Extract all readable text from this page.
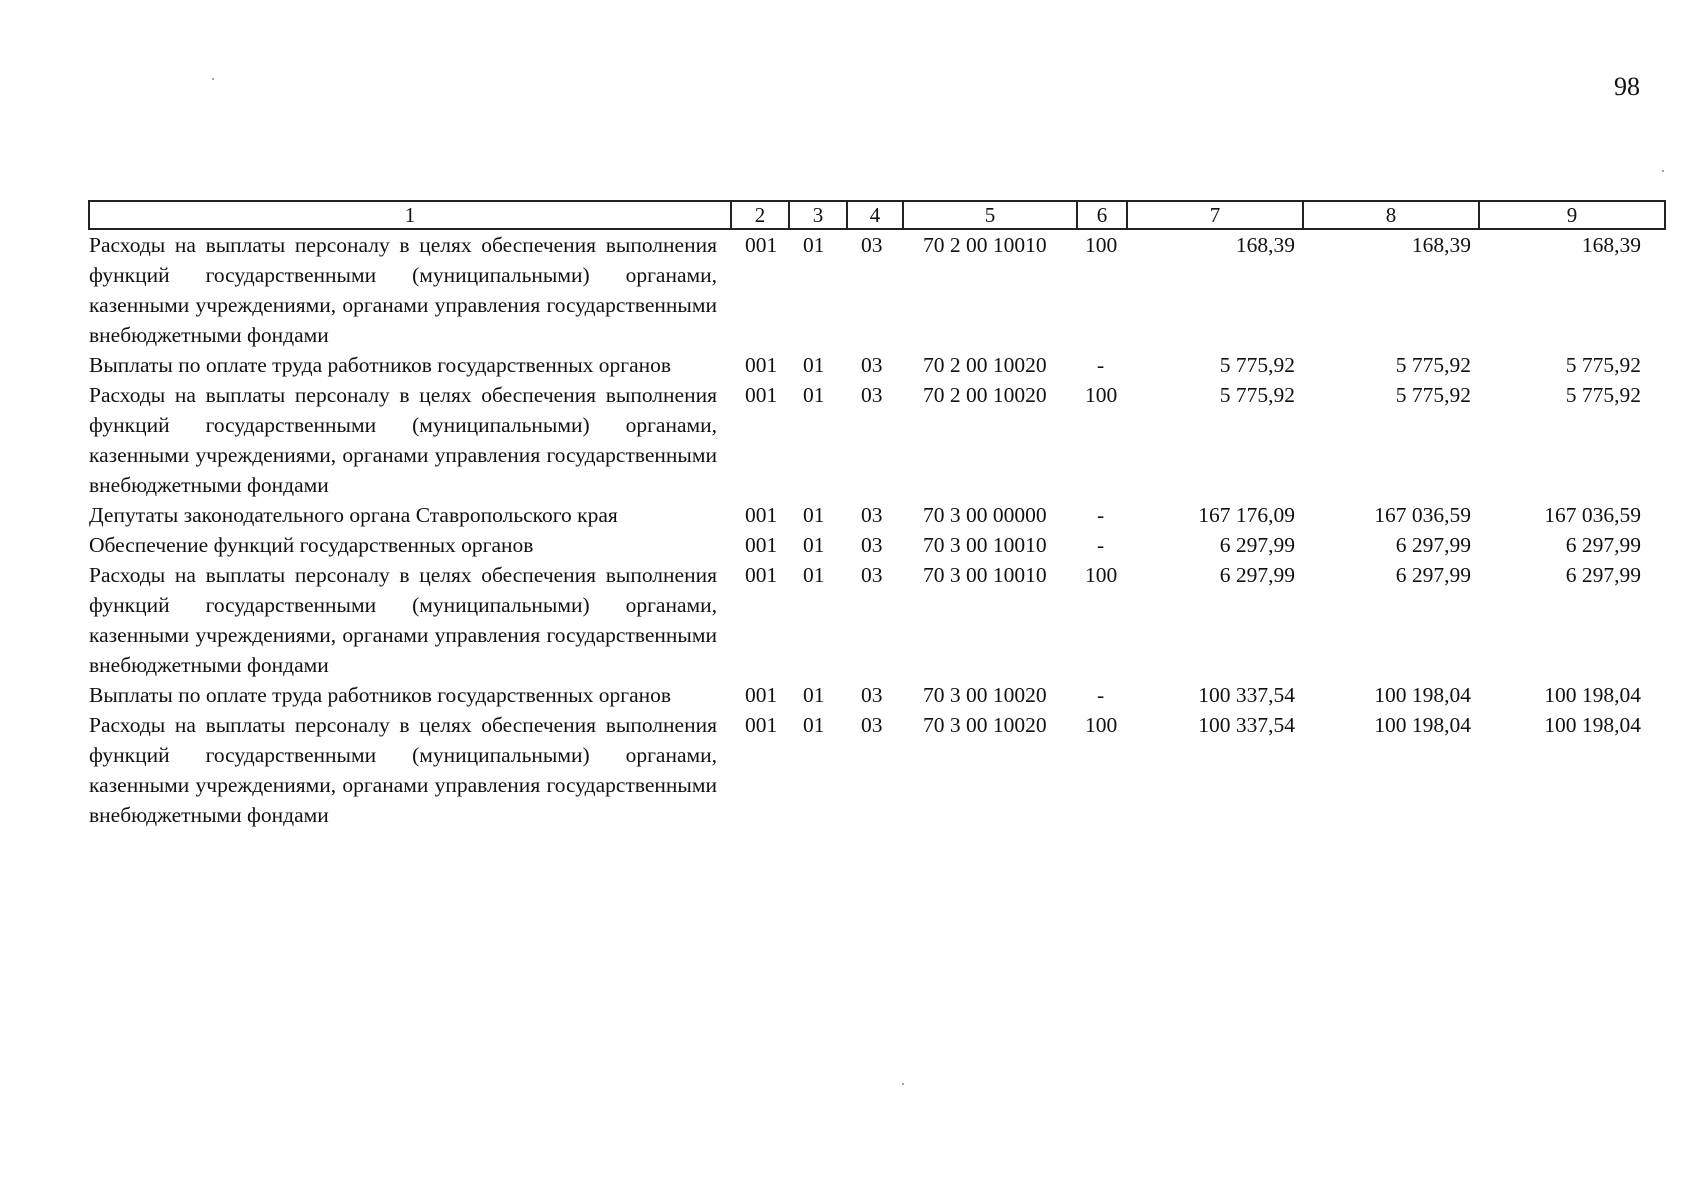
98
1	2	3	4	5	6	7	8	9
Расходы на выплаты персоналу в целях обеспечения выполнения функций государственными (муниципальными) органами, казенными учреждениями, органами управления государственными внебюджетными фондами	001	01	03	70 2 00 10010	100	168,39	168,39	168,39
Выплаты по оплате труда работников государственных органов	001	01	03	70 2 00 10020	-	5 775,92	5 775,92	5 775,92
Расходы на выплаты персоналу в целях обеспечения выполнения функций государственными (муниципальными) органами, казенными учреждениями, органами управления государственными внебюджетными фондами	001	01	03	70 2 00 10020	100	5 775,92	5 775,92	5 775,92
Депутаты законодательного органа Ставропольского края	001	01	03	70 3 00 00000	-	167 176,09	167 036,59	167 036,59
Обеспечение функций государственных органов	001	01	03	70 3 00 10010	-	6 297,99	6 297,99	6 297,99
Расходы на выплаты персоналу в целях обеспечения выполнения функций государственными (муниципальными) органами, казенными учреждениями, органами управления государственными внебюджетными фондами	001	01	03	70 3 00 10010	100	6 297,99	6 297,99	6 297,99
Выплаты по оплате труда работников государственных органов	001	01	03	70 3 00 10020	-	100 337,54	100 198,04	100 198,04
Расходы на выплаты персоналу в целях обеспечения выполнения функций государственными (муниципальными) органами, казенными учреждениями, органами управления государственными внебюджетными фондами	001	01	03	70 3 00 10020	100	100 337,54	100 198,04	100 198,04
